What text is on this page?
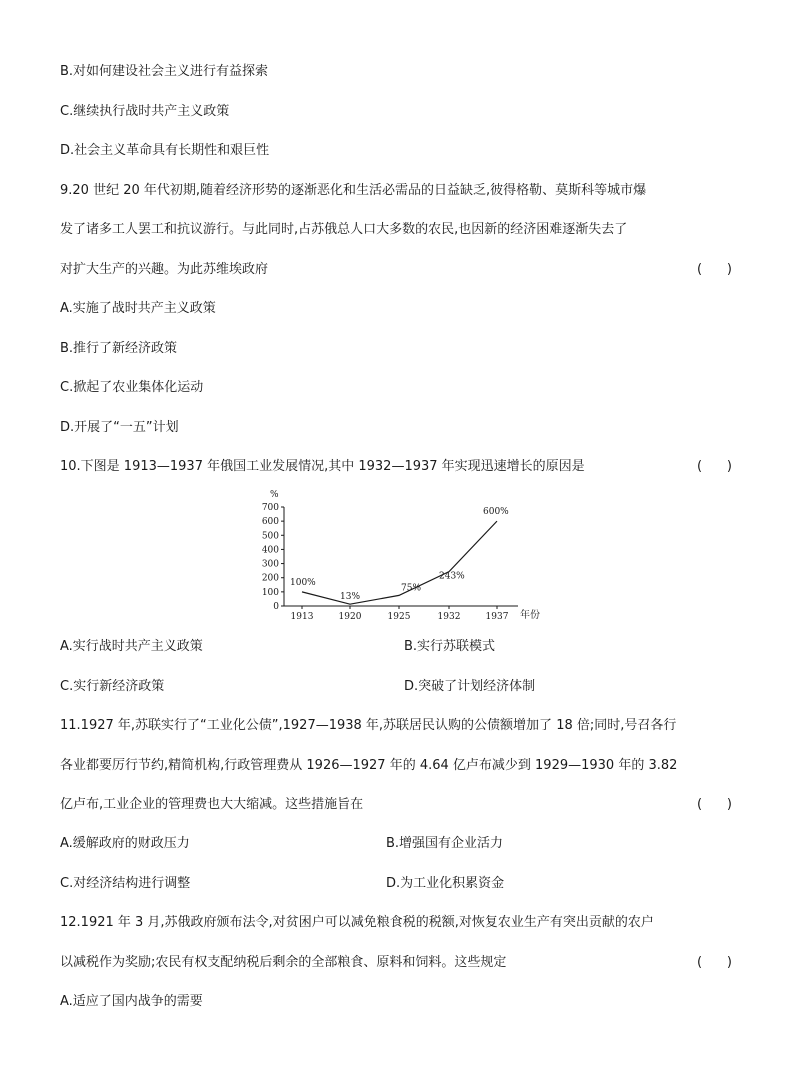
B.对如何建设社会主义进行有益探索
C.继续执行战时共产主义政策
D.社会主义革命具有长期性和艰巨性
9.20 世纪 20 年代初期,随着经济形势的逐渐恶化和生活必需品的日益缺乏,彼得格勒、莫斯科等城市爆
发了诸多工人罢工和抗议游行。与此同时,占苏俄总人口大多数的农民,也因新的经济困难逐渐失去了
对扩大生产的兴趣。为此苏维埃政府	(      )
A.实施了战时共产主义政策
B.推行了新经济政策
C.掀起了农业集体化运动
D.开展了“一五”计划
10.下图是 1913—1937 年俄国工业发展情况,其中 1932—1937 年实现迅速增长的原因是	(      )
%
年份
0
100
200
300
400
500
600
700
1913	1920	1925	1932	1937
100%
13%
75%
243%
600%
A.实行战时共产主义政策	B.实行苏联模式
C.实行新经济政策	D.突破了计划经济体制
11.1927 年,苏联实行了“工业化公债”,1927—1938 年,苏联居民认购的公债额增加了 18 倍;同时,号召各行
各业都要厉行节约,精简机构,行政管理费从 1926—1927 年的 4.64 亿卢布减少到 1929—1930 年的 3.82
亿卢布,工业企业的管理费也大大缩减。这些措施旨在	(      )
A.缓解政府的财政压力	B.增强国有企业活力
C.对经济结构进行调整	D.为工业化积累资金
12.1921 年 3 月,苏俄政府颁布法令,对贫困户可以减免粮食税的税额,对恢复农业生产有突出贡献的农户
以减税作为奖励;农民有权支配纳税后剩余的全部粮食、原料和饲料。这些规定	(      )
A.适应了国内战争的需要
